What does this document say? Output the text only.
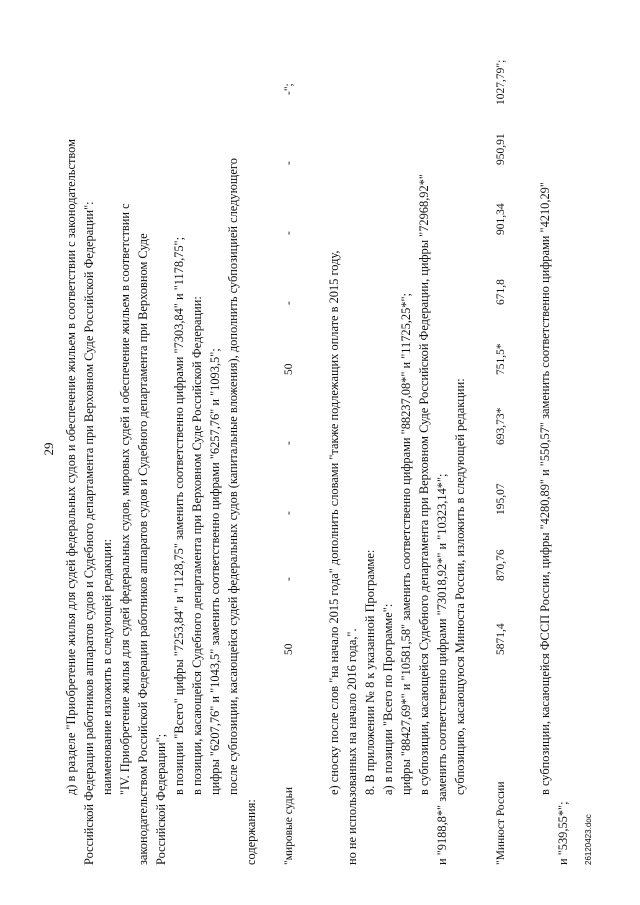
29 д) в разделе "Приобретение жилья для судей федеральных судов и обеспечение жильем в соответствии с законодательством Российской Федерации работников аппаратов судов и Судебного департамента при Верховном Суде Российской Федерации": наименование изложить в следующей редакции: "IV. Приобретение жилья для судей федеральных судов, мировых судей и обеспечение жильем в соответствии с законодательством Российской Федерации работников аппаратов судов и Судебного департамента при Верховном Суде Российской Федерации";
в позиции "Всего" цифры "7253,84" и "1128,75" заменить соответственно цифрами "7303,84" и "1178,75"; в позиции, касающейся Судебного департамента при Верховном Суде Российской Федерации: цифры "6207,76" и "1043,5" заменить соответственно цифрами "6257,76" и "1093,5"; после субпозиции, касающейся судей федеральных судов (капитальные вложения), дополнить субпозицией следующего
содержания: "мировые судьи
50
-
-
-
50
-
-
-
-";
е) сноску после слов "на начало 2015 года" дополнить словами "также подлежащих оплате в 2015 году, но не использованных на начало 2016 года,". 8. В приложении № 8 к указанной Программе: а) в позиции "Всего по Программе": цифры "88427,69*" и "10581,58" заменить соответственно цифрами "88237,08*" и "11725,25*"; в субпозиции, касающейся Судебного департамента при Верховном Суде Российской Федерации, цифры "72968,92*" и "9188,8*" заменить соответственно цифрами "73018,92*" и "10323,14*"; субпозицию, касающуюся Минюста России, изложить в следующей редакции:
"Минюст России
5871,4
870,76
195,07
693,73*
751,5*
671,8
901,34
950,91
1027,79";
в субпозиции, касающейся ФССП России, цифры "4280,89" и "550,57" заменить соответственно цифрами "4210,29"
и "539,55*";	26120423.doc
